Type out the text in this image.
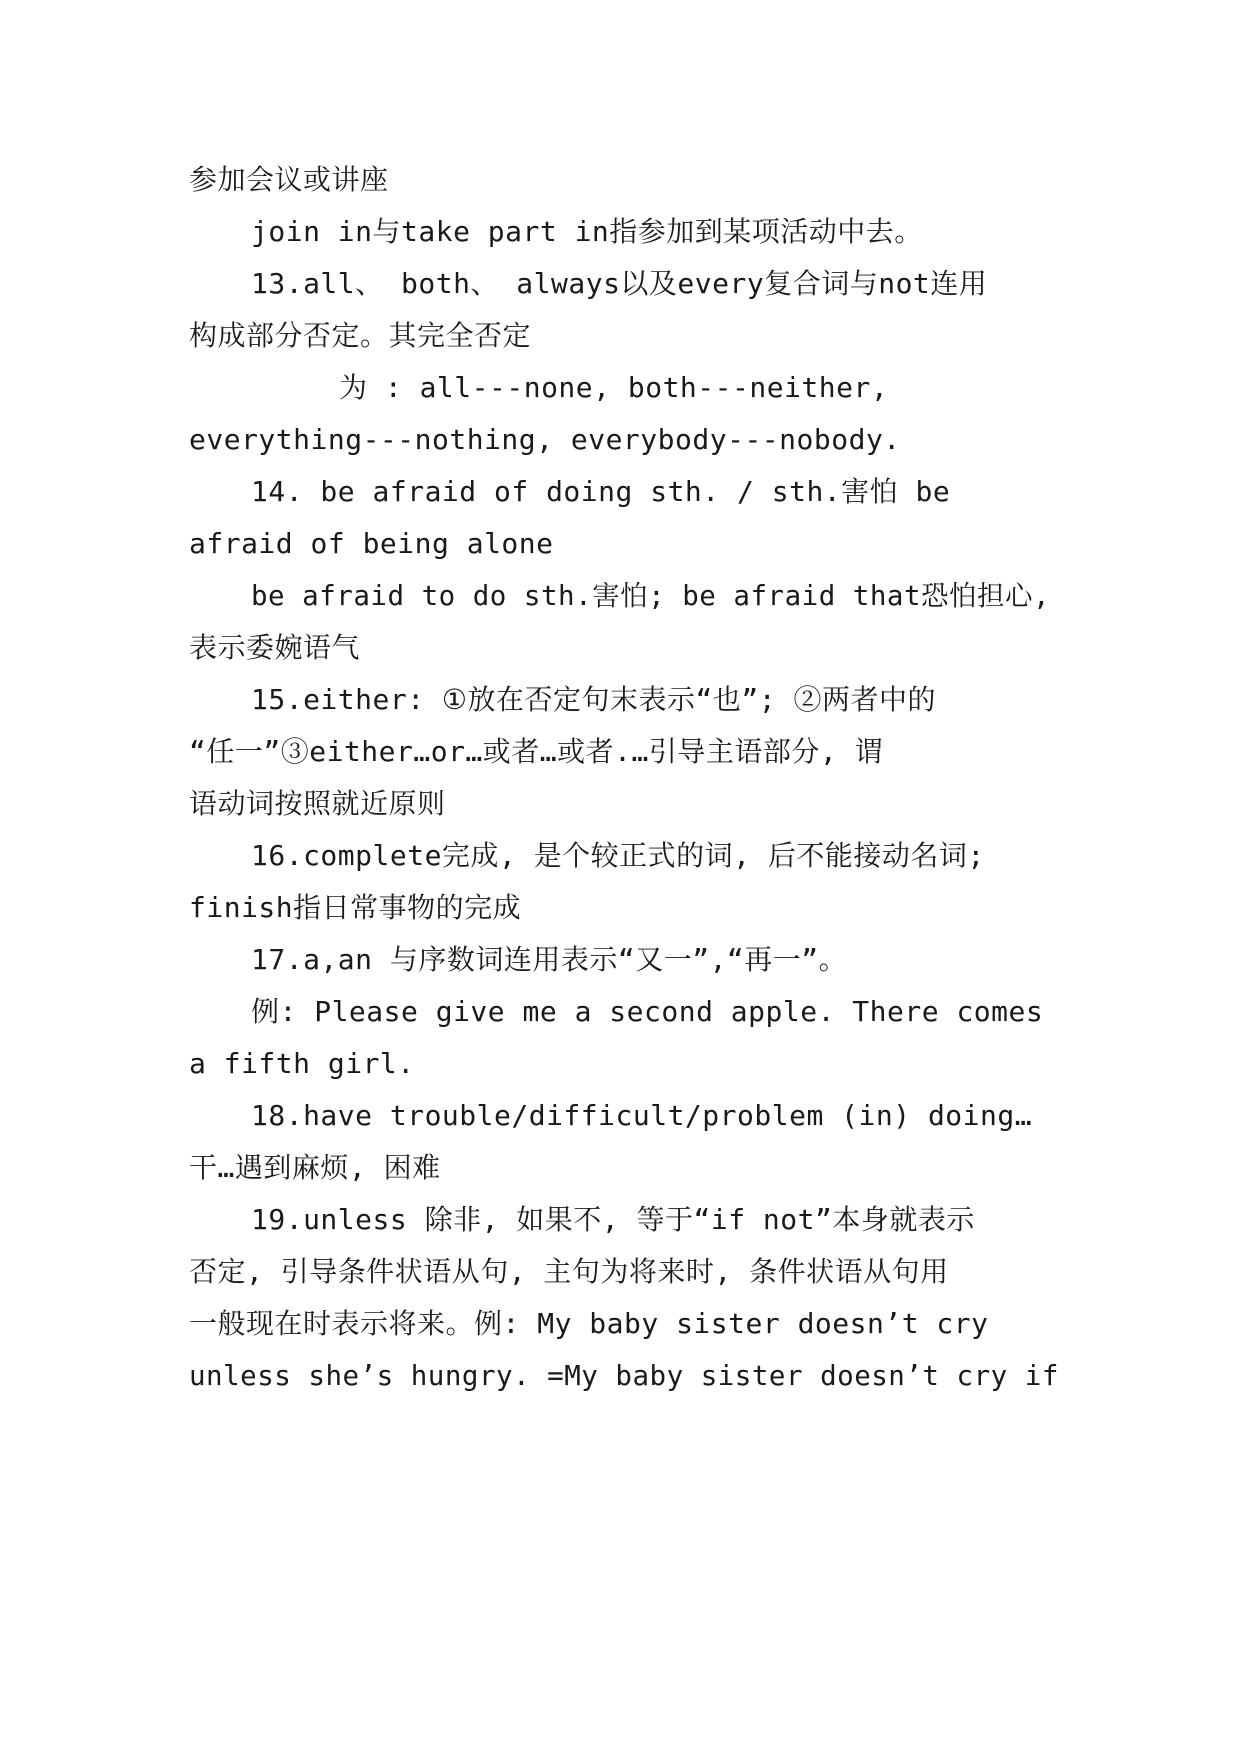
参加会议或讲座
join in与take part in指参加到某项活动中去。
13.all、 both、 always以及every复合词与not连用
构成部分否定。其完全否定
为 : all---none, both---neither,
everything---nothing, everybody---nobody.
14. be afraid of doing sth. / sth.害怕 be
afraid of being alone
be afraid to do sth.害怕; be afraid that恐怕担心,
表示委婉语气
15.either: ①放在否定句末表示“也”; ②两者中的
“任一”③either…or…或者…或者.…引导主语部分, 谓
语动词按照就近原则
16.complete完成, 是个较正式的词, 后不能接动名词;
finish指日常事物的完成
17.a,an 与序数词连用表示“又一”,“再一”。
例: Please give me a second apple. There comes
a fifth girl.
18.have trouble/difficult/problem (in) doing…
干…遇到麻烦, 困难
19.unless 除非, 如果不, 等于“if not”本身就表示
否定, 引导条件状语从句, 主句为将来时, 条件状语从句用
一般现在时表示将来。例: My baby sister doesn’t cry
unless she’s hungry. =My baby sister doesn’t cry if
